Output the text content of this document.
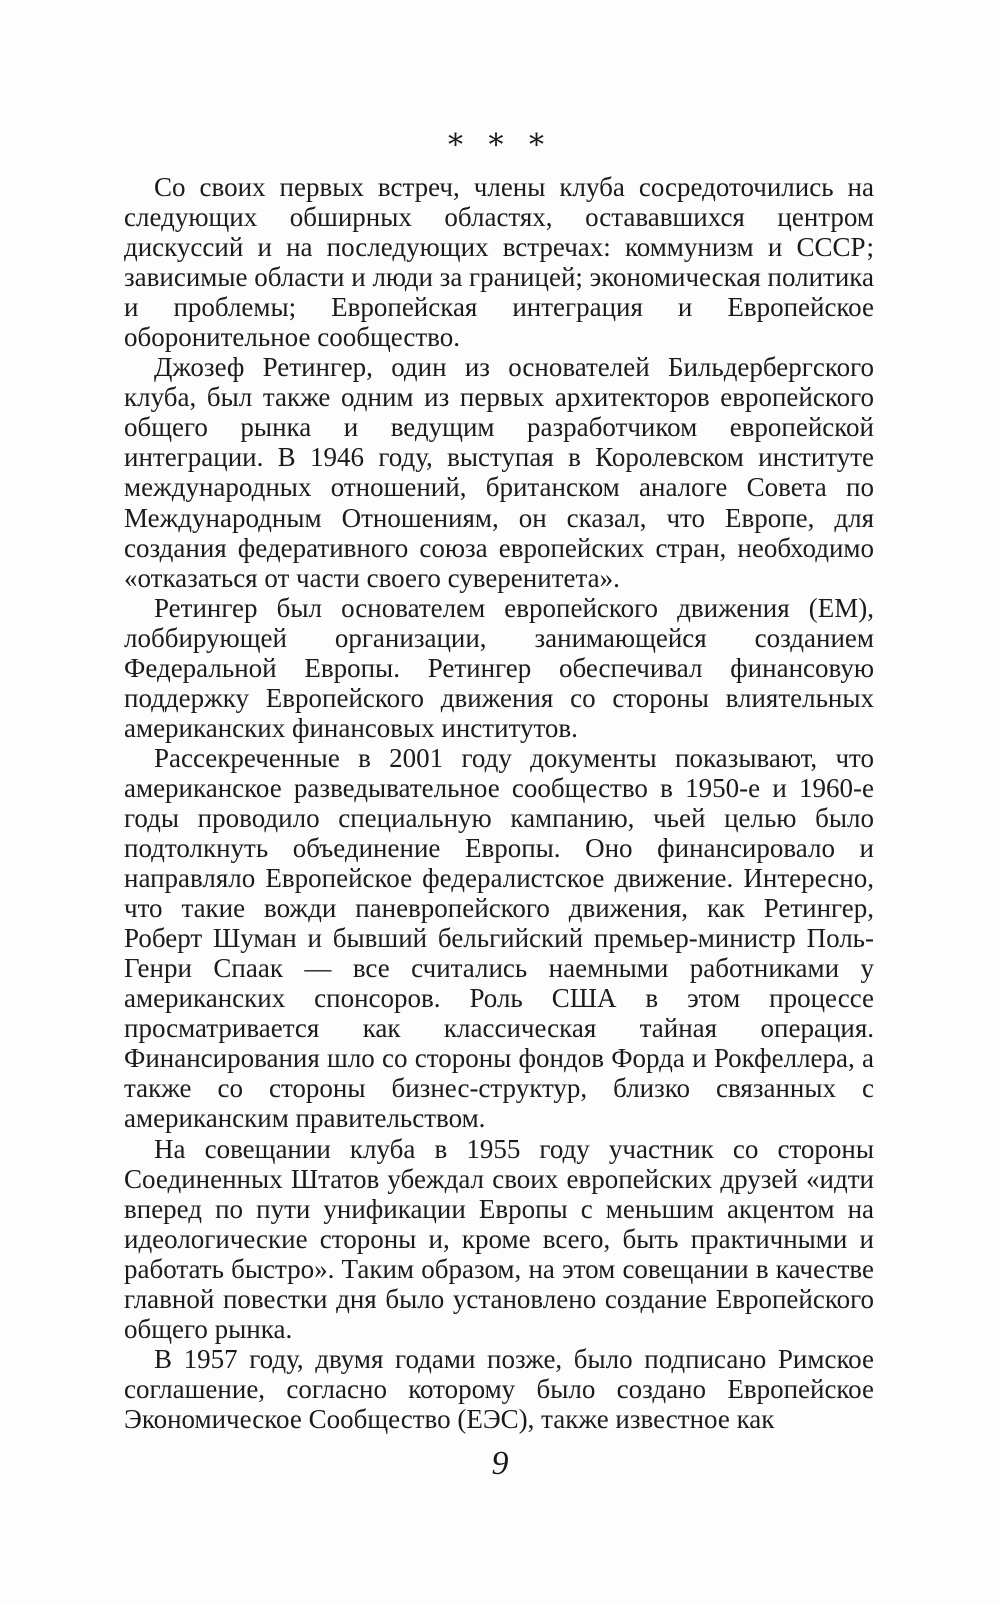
* * *

Со своих первых встреч, члены клуба сосредоточились на следующих обширных областях, остававшихся центром дискуссий и на последующих встречах: коммунизм и СССР; зависимые области и люди за границей; экономическая политика и проблемы; Европейская интеграция и Европейское оборонительное сообщество.

Джозеф Ретингер, один из основателей Бильдербергского клуба, был также одним из первых архитекторов европейского общего рынка и ведущим разработчиком европейской интеграции. В 1946 году, выступая в Королевском институте международных отношений, британском аналоге Совета по Международным Отношениям, он сказал, что Европе, для создания федеративного союза европейских стран, необходимо «отказаться от части своего суверенитета».

Ретингер был основателем европейского движения (ЕМ), лоббирующей организации, занимающейся созданием Федеральной Европы. Ретингер обеспечивал финансовую поддержку Европейского движения со стороны влиятельных американских финансовых институтов.

Рассекреченные в 2001 году документы показывают, что американское разведывательное сообщество в 1950-е и 1960-е годы проводило специальную кампанию, чьей целью было подтолкнуть объединение Европы. Оно финансировало и направляло Европейское федералистское движение. Интересно, что такие вожди паневропейского движения, как Ретингер, Роберт Шуман и бывший бельгийский премьер-министр Поль-Генри Спаак — все считались наемными работниками у американских спонсоров. Роль США в этом процессе просматривается как классическая тайная операция. Финансирования шло со стороны фондов Форда и Рокфеллера, а также со стороны бизнес-структур, близко связанных с американским правительством.

На совещании клуба в 1955 году участник со стороны Соединенных Штатов убеждал своих европейских друзей «идти вперед по пути унификации Европы с меньшим акцентом на идеологические стороны и, кроме всего, быть практичными и работать быстро». Таким образом, на этом совещании в качестве главной повестки дня было установлено создание Европейского общего рынка.

В 1957 году, двумя годами позже, было подписано Римское соглашение, согласно которому было создано Европейское Экономическое Сообщество (ЕЭС), также известное как

9
